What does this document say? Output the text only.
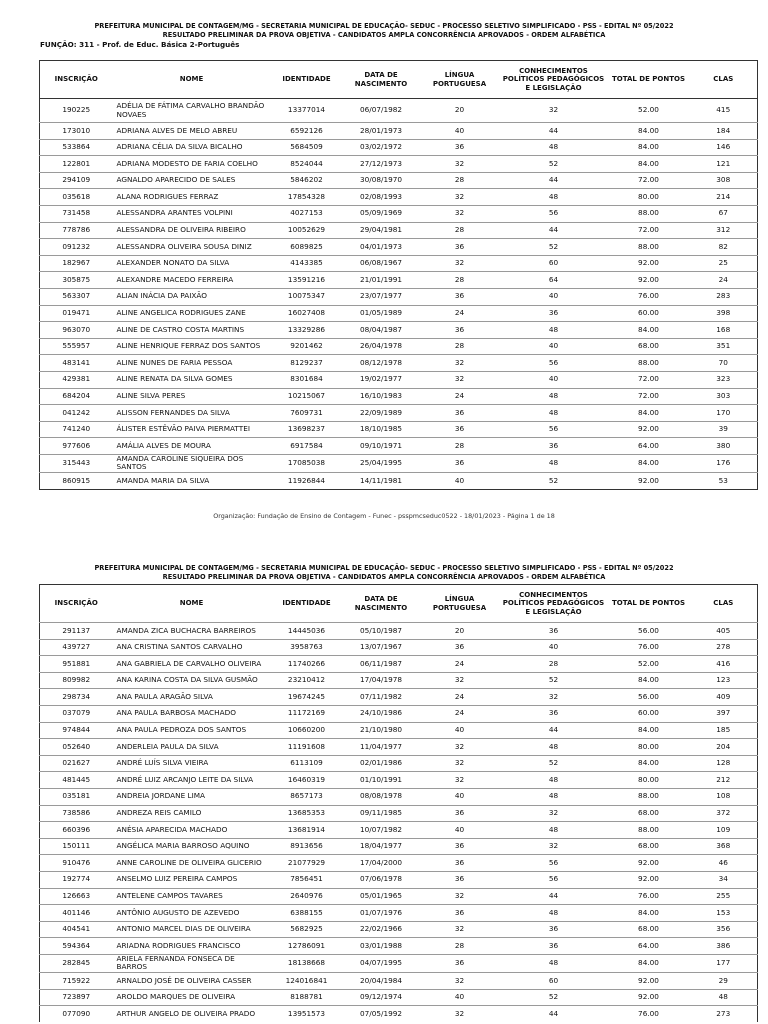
PREFEITURA MUNICIPAL DE CONTAGEM/MG - SECRETARIA MUNICIPAL DE EDUCAÇÃO- SEDUC - PROCESSO SELETIVO SIMPLIFICADO - PSS - EDITAL Nº 05/2022
RESULTADO PRELIMINAR DA PROVA OBJETIVA - CANDIDATOS AMPLA CONCORRÊNCIA APROVADOS - ORDEM ALFABÉTICA
FUNÇÃO: 311 - Prof. de Educ. Básica 2-Português
INSCRIÇÃO	NOME	IDENTIDADE	DATA DE NASCIMENTO	LÍNGUA PORTUGUESA	CONHECIMENTOS POLÍTICOS PEDAGÓGICOS E LEGISLAÇÃO	TOTAL DE PONTOS	CLAS
190225	ADÉLIA DE FÁTIMA CARVALHO BRANDÃO NOVAES	13377014	06/07/1982	20	32	52.00	415
173010	ADRIANA ALVES DE MELO ABREU	6592126	28/01/1973	40	44	84.00	184
533864	ADRIANA CÉLIA DA SILVA BICALHO	5684509	03/02/1972	36	48	84.00	146
122801	ADRIANA MODESTO DE FARIA COELHO	8524044	27/12/1973	32	52	84.00	121
294109	AGNALDO APARECIDO DE SALES	5846202	30/08/1970	28	44	72.00	308
035618	ALANA RODRIGUES FERRAZ	17854328	02/08/1993	32	48	80.00	214
731458	ALESSANDRA ARANTES VOLPINI	4027153	05/09/1969	32	56	88.00	67
778786	ALESSANDRA DE OLIVEIRA RIBEIRO	10052629	29/04/1981	28	44	72.00	312
091232	ALESSANDRA OLIVEIRA SOUSA DINIZ	6089825	04/01/1973	36	52	88.00	82
182967	ALEXANDER NONATO DA SILVA	4143385	06/08/1967	32	60	92.00	25
305875	ALEXANDRE MACEDO FERREIRA	13591216	21/01/1991	28	64	92.00	24
563307	ALIAN INÁCIA DA PAIXÃO	10075347	23/07/1977	36	40	76.00	283
019471	ALINE ANGELICA RODRIGUES ZANE	16027408	01/05/1989	24	36	60.00	398
963070	ALINE DE CASTRO COSTA MARTINS	13329286	08/04/1987	36	48	84.00	168
555957	ALINE HENRIQUE FERRAZ DOS SANTOS	9201462	26/04/1978	28	40	68.00	351
483141	ALINE NUNES DE FARIA PESSOA	8129237	08/12/1978	32	56	88.00	70
429381	ALINE RENATA DA SILVA GOMES	8301684	19/02/1977	32	40	72.00	323
684204	ALINE SILVA PERES	10215067	16/10/1983	24	48	72.00	303
041242	ALISSON FERNANDES DA SILVA	7609731	22/09/1989	36	48	84.00	170
741240	ÁLISTER ESTÊVÃO PAIVA PIERMATTEI	13698237	18/10/1985	36	56	92.00	39
977606	AMÁLIA ALVES DE MOURA	6917584	09/10/1971	28	36	64.00	380
315443	AMANDA CAROLINE SIQUEIRA DOS SANTOS	17085038	25/04/1995	36	48	84.00	176
860915	AMANDA MARIA DA SILVA	11926844	14/11/1981	40	52	92.00	53
Organização: Fundação de Ensino de Contagem - Funec - psspmcseduc0522 - 18/01/2023 - Página 1 de 18
PREFEITURA MUNICIPAL DE CONTAGEM/MG - SECRETARIA MUNICIPAL DE EDUCAÇÃO- SEDUC - PROCESSO SELETIVO SIMPLIFICADO - PSS - EDITAL Nº 05/2022
RESULTADO PRELIMINAR DA PROVA OBJETIVA - CANDIDATOS AMPLA CONCORRÊNCIA APROVADOS - ORDEM ALFABÉTICA
INSCRIÇÃO	NOME	IDENTIDADE	DATA DE NASCIMENTO	LÍNGUA PORTUGUESA	CONHECIMENTOS POLÍTICOS PEDAGÓGICOS E LEGISLAÇÃO	TOTAL DE PONTOS	CLAS
291137	AMANDA ZICA BUCHACRA BARREIROS	14445036	05/10/1987	20	36	56.00	405
439727	ANA CRISTINA SANTOS CARVALHO	3958763	13/07/1967	36	40	76.00	278
951881	ANA GABRIELA DE CARVALHO OLIVEIRA	11740266	06/11/1987	24	28	52.00	416
809982	ANA KARINA COSTA DA SILVA GUSMÃO	23210412	17/04/1978	32	52	84.00	123
298734	ANA PAULA ARAGÃO SILVA	19674245	07/11/1982	24	32	56.00	409
037079	ANA PAULA BARBOSA MACHADO	11172169	24/10/1986	24	36	60.00	397
974844	ANA PAULA PEDROZA DOS SANTOS	10660200	21/10/1980	40	44	84.00	185
052640	ANDERLEIA PAULA DA SILVA	11191608	11/04/1977	32	48	80.00	204
021627	ANDRÉ LUÍS SILVA VIEIRA	6113109	02/01/1986	32	52	84.00	128
481445	ANDRÉ LUIZ ARCANJO LEITE DA SILVA	16460319	01/10/1991	32	48	80.00	212
035181	ANDREIA JORDANE LIMA	8657173	08/08/1978	40	48	88.00	108
738586	ANDREZA REIS CAMILO	13685353	09/11/1985	36	32	68.00	372
660396	ANÉSIA APARECIDA MACHADO	13681914	10/07/1982	40	48	88.00	109
150111	ANGÉLICA MARIA BARROSO AQUINO	8913656	18/04/1977	36	32	68.00	368
910476	ANNE CAROLINE DE OLIVEIRA GLICERIO	21077929	17/04/2000	36	56	92.00	46
192774	ANSELMO LUIZ PEREIRA CAMPOS	7856451	07/06/1978	36	56	92.00	34
126663	ANTELENE CAMPOS TAVARES	2640976	05/01/1965	32	44	76.00	255
401146	ANTÔNIO AUGUSTO DE AZEVEDO	6388155	01/07/1976	36	48	84.00	153
404541	ANTONIO MARCEL DIAS DE OLIVEIRA	5682925	22/02/1966	32	36	68.00	356
594364	ARIADNA RODRIGUES FRANCISCO	12786091	03/01/1988	28	36	64.00	386
282845	ARIELA FERNANDA FONSECA DE BARROS	18138668	04/07/1995	36	48	84.00	177
715922	ARNALDO JOSÉ DE OLIVEIRA CASSER	124016841	20/04/1984	32	60	92.00	29
723897	AROLDO MARQUES DE OLIVEIRA	8188781	09/12/1974	40	52	92.00	48
077090	ARTHUR ANGELO DE OLIVEIRA PRADO	13951573	07/05/1992	32	44	76.00	273
